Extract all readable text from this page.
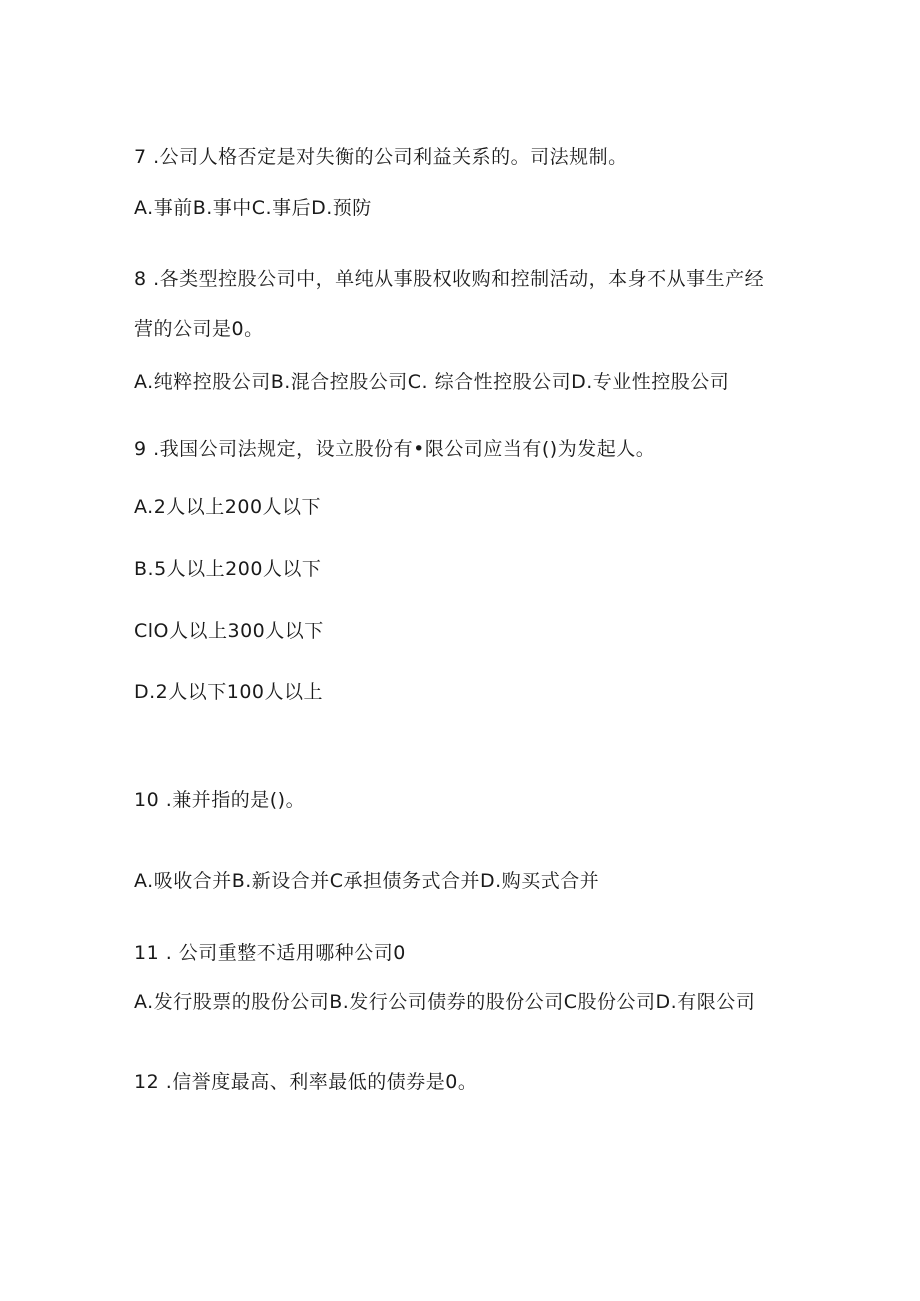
7 .公司人格否定是对失衡的公司利益关系的。司法规制。
A.事前B.事中C.事后D.预防
8 .各类型控股公司中，单纯从事股权收购和控制活动，本身不从事生产经
营的公司是0。
A.纯粹控股公司B.混合控股公司C. 综合性控股公司D.专业性控股公司
9 .我国公司法规定，设立股份有•限公司应当有()为发起人。
A.2人以上200人以下
B.5人以上200人以下
ClO人以上300人以下
D.2人以下100人以上
10 .兼并指的是()。
A.吸收合并B.新设合并C承担债务式合并D.购买式合并
11 . 公司重整不适用哪种公司0
A.发行股票的股份公司B.发行公司债券的股份公司C股份公司D.有限公司
12 .信誉度最高、利率最低的债券是0。
